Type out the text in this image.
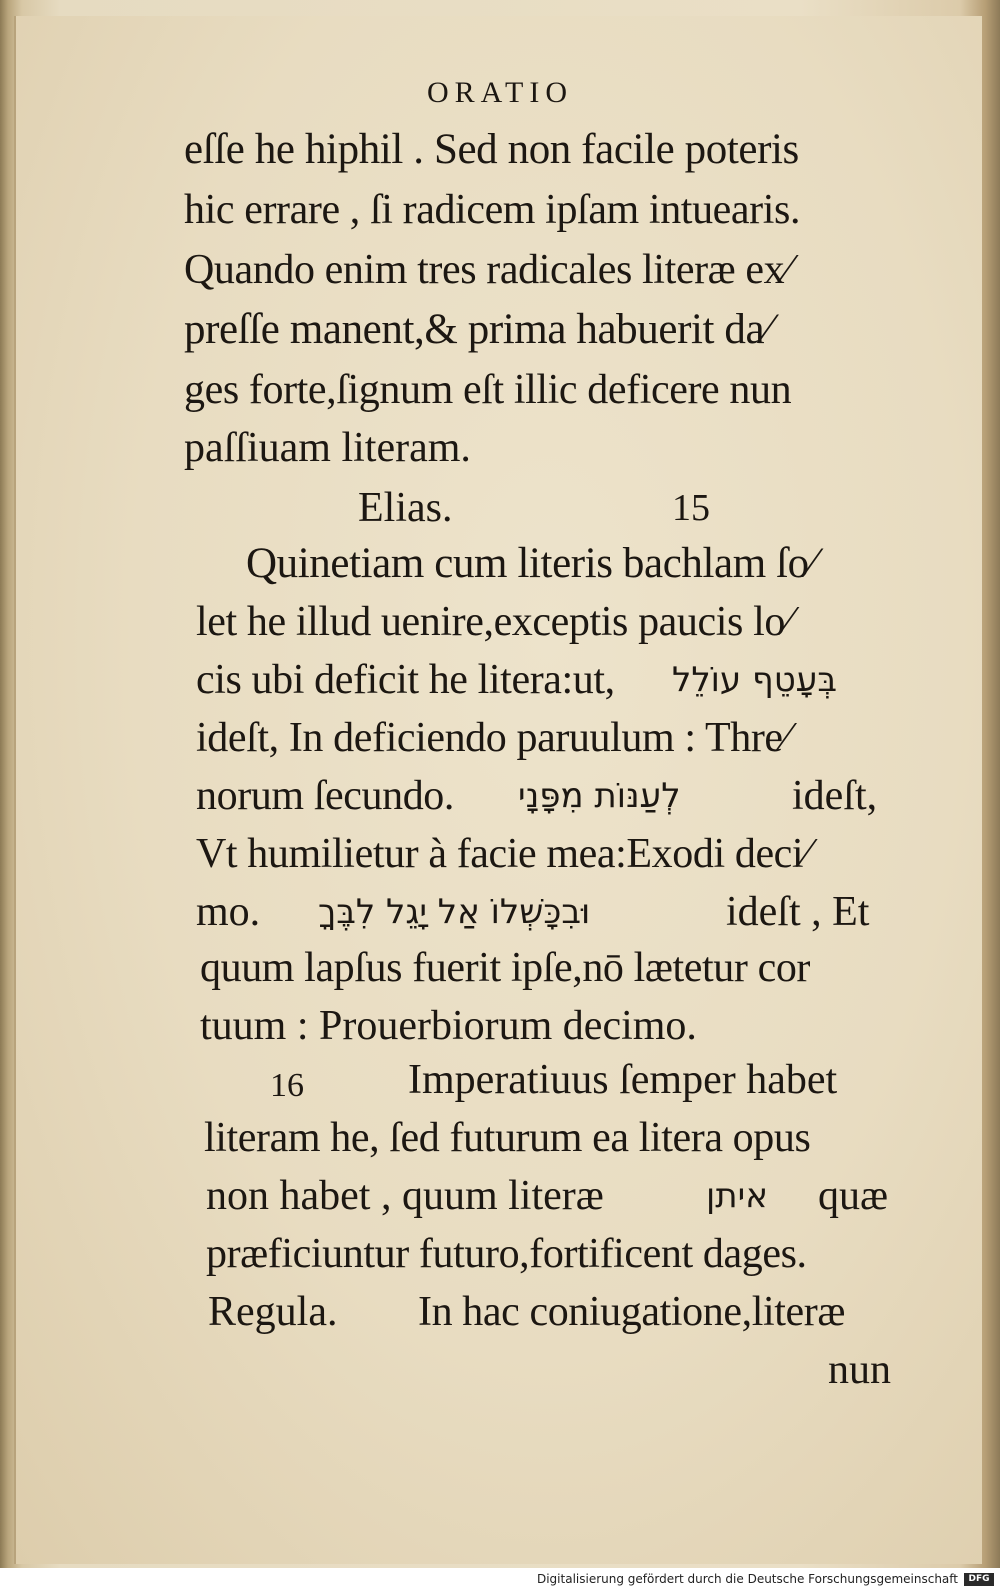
ORATIO
eſſe he hiphil . Sed non facile poteris
hic errare , ſi radicem ipſam intuearis.
Quando enim tres radicales literæ ex⁄
preſſe manent,& prima habuerit da⁄
ges forte,ſignum eſt illic deficere nun
paſſiuam literam.
Elias.	15
Quinetiam cum literis bachlam ſo⁄
let he illud uenire,exceptis paucis lo⁄
cis ubi deficit he litera:ut, בְּעָטֵף עוֹלֵל
ideſt, In deficiendo paruulum : Thre⁄
norum ſecundo. לְעַנּוֹת מִפָּנָי	ideſt,
Vt humilietur à facie mea:Exodi deci⁄
mo. וּבִכָּשְׁלוֹ אַל יָגֵל לִבֶּךָ	ideſt , Et
quum lapſus fuerit ipſe,nō lætetur cor
tuum : Prouerbiorum decimo.
16 Imperatiuus ſemper habet
literam he, ſed futurum ea litera opus
non habet , quum literæ	איתן quæ
præficiuntur futuro,fortificent dages.
Regula. In hac coniugatione,literæ
nun
Digitalisierung gefördert durch die Deutsche Forschungsgemeinschaft	DFG
